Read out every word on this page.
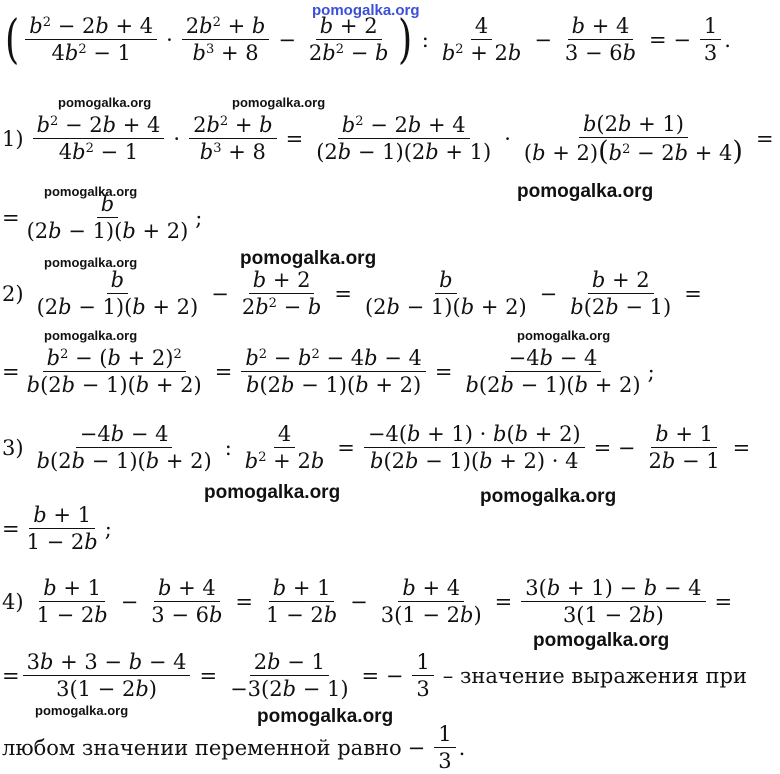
pomogalka.org
pomogalka.org	pomogalka.org
pomogalka.org
pomogalka.org
pomogalka.org	pomogalka.org
pomogalka.org	pomogalka.org
pomogalka.org	pomogalka.org
pomogalka.org
pomogalka.org	pomogalka.org
( $\frac{b^2 - 2b + 4}{4b^2 - 1} \cdot \frac{2b^2 + b}{b^3 + 8} - \frac{b + 2}{2b^2 - b}$ ) : $\frac{4}{b^2 + 2b} - \frac{b + 4}{3 - 6b}$ = − $\frac{1}{3}$ .
$1) \frac{b^2 - 2b + 4}{4b^2 - 1} \cdot \frac{2b^2 + b}{b^3 + 8} = \frac{b^2 - 2b + 4}{(2b - 1)(2b + 1)} \cdot \frac{b(2b + 1)}{(b + 2)(b^2 - 2b + 4)}$ =
= $\frac{b}{(2b - 1)(b + 2)}$ ;
$2) \frac{b}{(2b - 1)(b + 2)} - \frac{b + 2}{2b^2 - b} = \frac{b}{(2b - 1)(b + 2)} - \frac{b + 2}{b(2b - 1)}$ =
= $\frac{b^2 - (b + 2)^2}{b(2b - 1)(b + 2)} = \frac{b^2 - b^2 - 4b - 4}{b(2b - 1)(b + 2)} = \frac{-4b - 4}{b(2b - 1)(b + 2)}$ ;
$3) \frac{-4b - 4}{b(2b - 1)(b + 2)}$ : $\frac{4}{b^2 + 2b} = \frac{-4(b + 1) \cdot b(b + 2)}{b(2b - 1)(b + 2) \cdot 4}$ = − $\frac{b + 1}{2b - 1}$ =
= $\frac{b + 1}{1 - 2b}$ ;
$4) \frac{b + 1}{1 - 2b} - \frac{b + 4}{3 - 6b} = \frac{b + 1}{1 - 2b} - \frac{b + 4}{3(1 - 2b)} = \frac{3(b + 1) - b - 4}{3(1 - 2b)}$ =
= $\frac{3b + 3 - b - 4}{3(1 - 2b)} = \frac{2b - 1}{-3(2b - 1)}$ = − $\frac{1}{3}$ – значение выражения при
любом значении переменной равно − $\frac{1}{3}$ .
